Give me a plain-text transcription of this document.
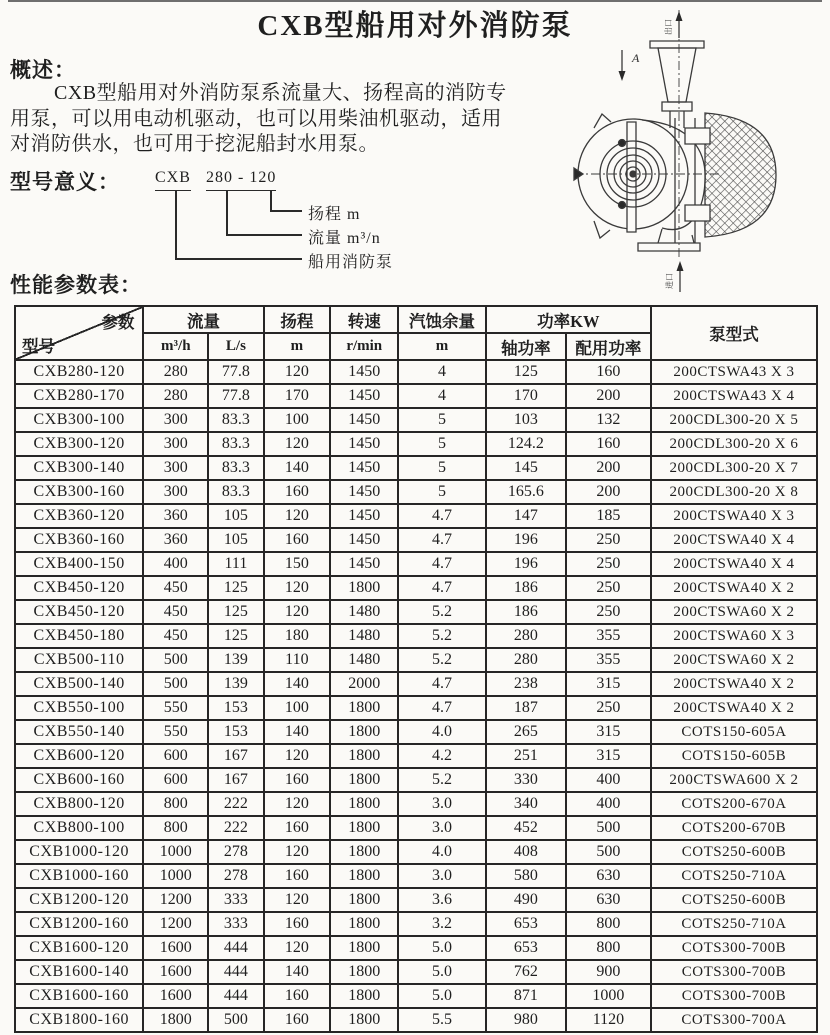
CXB型船用对外消防泵
概述：
CXB型船用对外消防泵系流量大、扬程高的消防专
用泵，可以用电动机驱动，也可以用柴油机驱动，适用
对消防供水，也可用于挖泥船封水用泵。
型号意义： CXB 280 - 120
扬程 m
流量 m³/n
船用消防泵
性能参数表：
A
出口
进口
参数
型号	流量		扬程	转速	汽蚀余量	功率KW		泵型式
	m³/h	L/s	m	r/min	m	轴功率	配用功率	
CXB280-120	280	77.8	120	1450	4	125	160	200CTSWA43 X 3
CXB280-170	280	77.8	170	1450	4	170	200	200CTSWA43 X 4
CXB300-100	300	83.3	100	1450	5	103	132	200CDL300-20 X 5
CXB300-120	300	83.3	120	1450	5	124.2	160	200CDL300-20 X 6
CXB300-140	300	83.3	140	1450	5	145	200	200CDL300-20 X 7
CXB300-160	300	83.3	160	1450	5	165.6	200	200CDL300-20 X 8
CXB360-120	360	105	120	1450	4.7	147	185	200CTSWA40 X 3
CXB360-160	360	105	160	1450	4.7	196	250	200CTSWA40 X 4
CXB400-150	400	111	150	1450	4.7	196	250	200CTSWA40 X 4
CXB450-120	450	125	120	1800	4.7	186	250	200CTSWA40 X 2
CXB450-120	450	125	120	1480	5.2	186	250	200CTSWA60 X 2
CXB450-180	450	125	180	1480	5.2	280	355	200CTSWA60 X 3
CXB500-110	500	139	110	1480	5.2	280	355	200CTSWA60 X 2
CXB500-140	500	139	140	2000	4.7	238	315	200CTSWA40 X 2
CXB550-100	550	153	100	1800	4.7	187	250	200CTSWA40 X 2
CXB550-140	550	153	140	1800	4.0	265	315	COTS150-605A
CXB600-120	600	167	120	1800	4.2	251	315	COTS150-605B
CXB600-160	600	167	160	1800	5.2	330	400	200CTSWA600 X 2
CXB800-120	800	222	120	1800	3.0	340	400	COTS200-670A
CXB800-100	800	222	160	1800	3.0	452	500	COTS200-670B
CXB1000-120	1000	278	120	1800	4.0	408	500	COTS250-600B
CXB1000-160	1000	278	160	1800	3.0	580	630	COTS250-710A
CXB1200-120	1200	333	120	1800	3.6	490	630	COTS250-600B
CXB1200-160	1200	333	160	1800	3.2	653	800	COTS250-710A
CXB1600-120	1600	444	120	1800	5.0	653	800	COTS300-700B
CXB1600-140	1600	444	140	1800	5.0	762	900	COTS300-700B
CXB1600-160	1600	444	160	1800	5.0	871	1000	COTS300-700B
CXB1800-160	1800	500	160	1800	5.5	980	1120	COTS300-700A
